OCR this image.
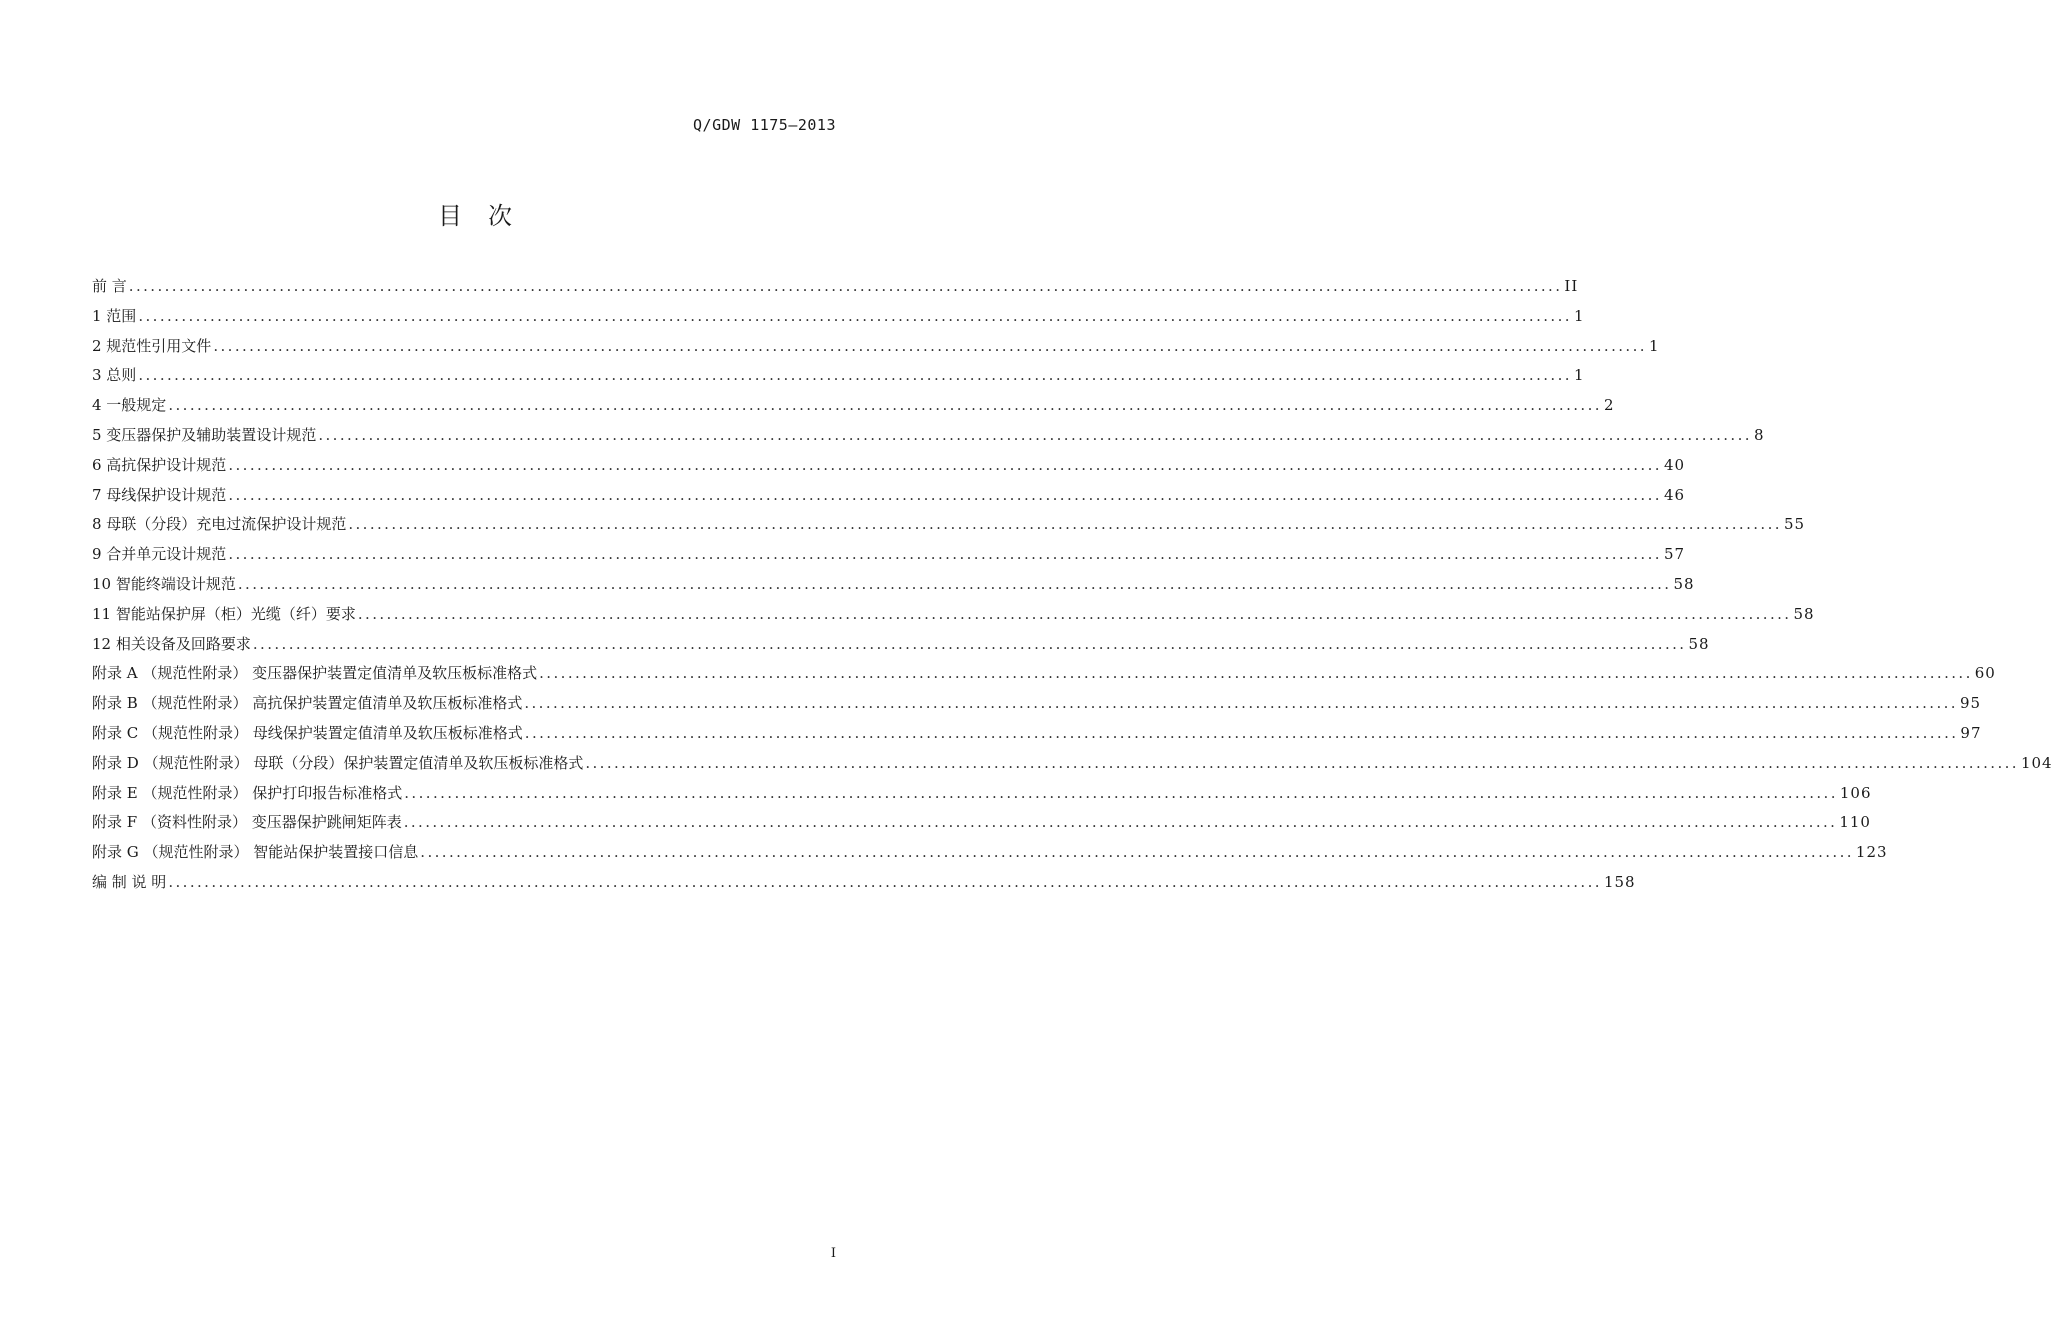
Q/GDW 1175—2013
目次
前 言 ........................................................................................................................................................................................................ II
1 范围 ........................................................................................................................................................................................................ 1
2 规范性引用文件 ........................................................................................................................................................................................................ 1
3 总则 ........................................................................................................................................................................................................ 1
4 一般规定 ........................................................................................................................................................................................................ 2
5 变压器保护及辅助装置设计规范 ........................................................................................................................................................................................................ 8
6 高抗保护设计规范 ........................................................................................................................................................................................................ 40
7 母线保护设计规范 ........................................................................................................................................................................................................ 46
8 母联（分段）充电过流保护设计规范 ........................................................................................................................................................................................................ 55
9 合并单元设计规范 ........................................................................................................................................................................................................ 57
10 智能终端设计规范 ........................................................................................................................................................................................................ 58
11 智能站保护屏（柜）光缆（纤）要求 ........................................................................................................................................................................................................ 58
12 相关设备及回路要求 ........................................................................................................................................................................................................ 58
附录 A （规范性附录） 变压器保护装置定值清单及软压板标准格式 ........................................................................................................................................................................................................ 60
附录 B （规范性附录） 高抗保护装置定值清单及软压板标准格式 ........................................................................................................................................................................................................ 95
附录 C （规范性附录） 母线保护装置定值清单及软压板标准格式 ........................................................................................................................................................................................................ 97
附录 D （规范性附录） 母联（分段）保护装置定值清单及软压板标准格式 ........................................................................................................................................................................................................ 104
附录 E （规范性附录） 保护打印报告标准格式 ........................................................................................................................................................................................................ 106
附录 F （资料性附录） 变压器保护跳闸矩阵表 ........................................................................................................................................................................................................ 110
附录 G （规范性附录） 智能站保护装置接口信息 ........................................................................................................................................................................................................ 123
编 制 说 明 ........................................................................................................................................................................................................ 158
I
